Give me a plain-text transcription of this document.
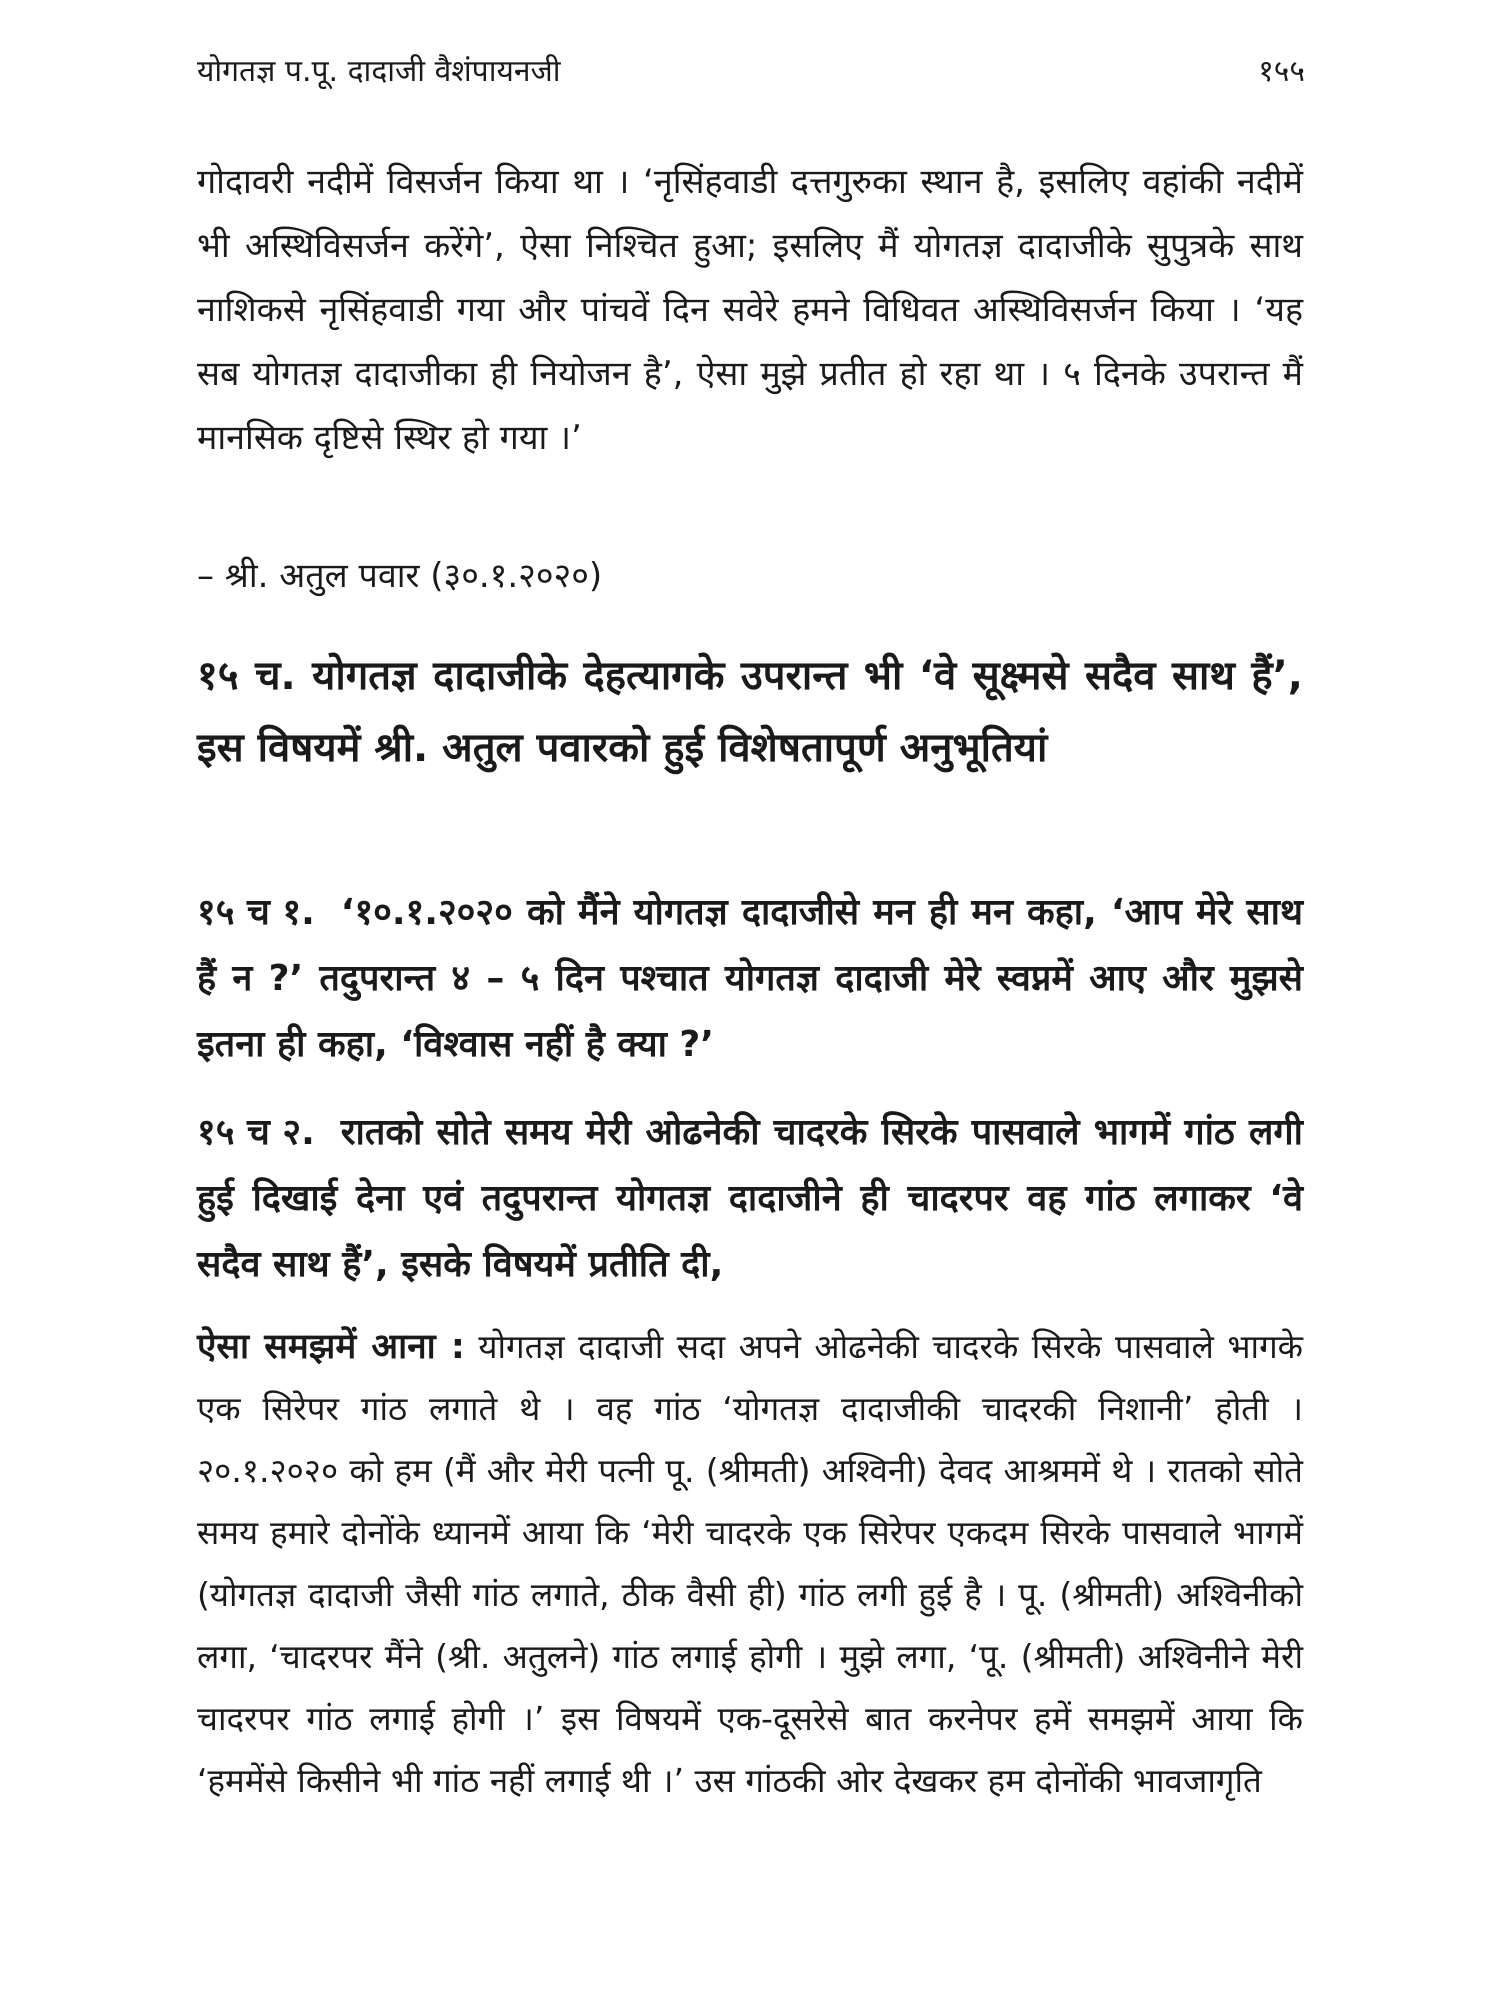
योगतज्ञ प.पू. दादाजी वैशंपायनजी	१५५

गोदावरी नदीमें विसर्जन किया था । ‘नृसिंहवाडी दत्तगुरुका स्थान है, इसलिए वहांकी नदीमें भी अस्थिविसर्जन करेंगे’, ऐसा निश्चित हुआ; इसलिए मैं योगतज्ञ दादाजीके सुपुत्रके साथ नाशिकसे नृसिंहवाडी गया और पांचवें दिन सवेरे हमने विधिवत अस्थिविसर्जन किया । ‘यह सब योगतज्ञ दादाजीका ही नियोजन है’, ऐसा मुझे प्रतीत हो रहा था । ५ दिनके उपरान्त मैं मानसिक दृष्टिसे स्थिर हो गया ।’

– श्री. अतुल पवार (३०.१.२०२०)

१५ च. योगतज्ञ दादाजीके देहत्यागके उपरान्त भी ‘वे सूक्ष्मसे सदैव साथ हैं’, इस विषयमें श्री. अतुल पवारको हुई विशेषतापूर्ण अनुभूतियां

१५ च १. ‘१०.१.२०२० को मैंने योगतज्ञ दादाजीसे मन ही मन कहा, ‘आप मेरे साथ हैं न ?’ तदुपरान्त ४ – ५ दिन पश्चात योगतज्ञ दादाजी मेरे स्वप्नमें आए और मुझसे इतना ही कहा, ‘विश्वास नहीं है क्या ?’

१५ च २. रातको सोते समय मेरी ओढनेकी चादरके सिरके पासवाले भागमें गांठ लगी हुई दिखाई देना एवं तदुपरान्त योगतज्ञ दादाजीने ही चादरपर वह गांठ लगाकर ‘वे सदैव साथ हैं’, इसके विषयमें प्रतीति दी,

ऐसा समझमें आना : योगतज्ञ दादाजी सदा अपने ओढनेकी चादरके सिरके पासवाले भागके एक सिरेपर गांठ लगाते थे । वह गांठ ‘योगतज्ञ दादाजीकी चादरकी निशानी’ होती । २०.१.२०२० को हम (मैं और मेरी पत्नी पू. (श्रीमती) अश्विनी) देवद आश्रममें थे । रातको सोते समय हमारे दोनोंके ध्यानमें आया कि ‘मेरी चादरके एक सिरेपर एकदम सिरके पासवाले भागमें (योगतज्ञ दादाजी जैसी गांठ लगाते, ठीक वैसी ही) गांठ लगी हुई है । पू. (श्रीमती) अश्विनीको लगा, ‘चादरपर मैंने (श्री. अतुलने) गांठ लगाई होगी । मुझे लगा, ‘पू. (श्रीमती) अश्विनीने मेरी चादरपर गांठ लगाई होगी ।’ इस विषयमें एक-दूसरेसे बात करनेपर हमें समझमें आया कि ‘हममेंसे किसीने भी गांठ नहीं लगाई थी ।’ उस गांठकी ओर देखकर हम दोनोंकी भावजागृति
